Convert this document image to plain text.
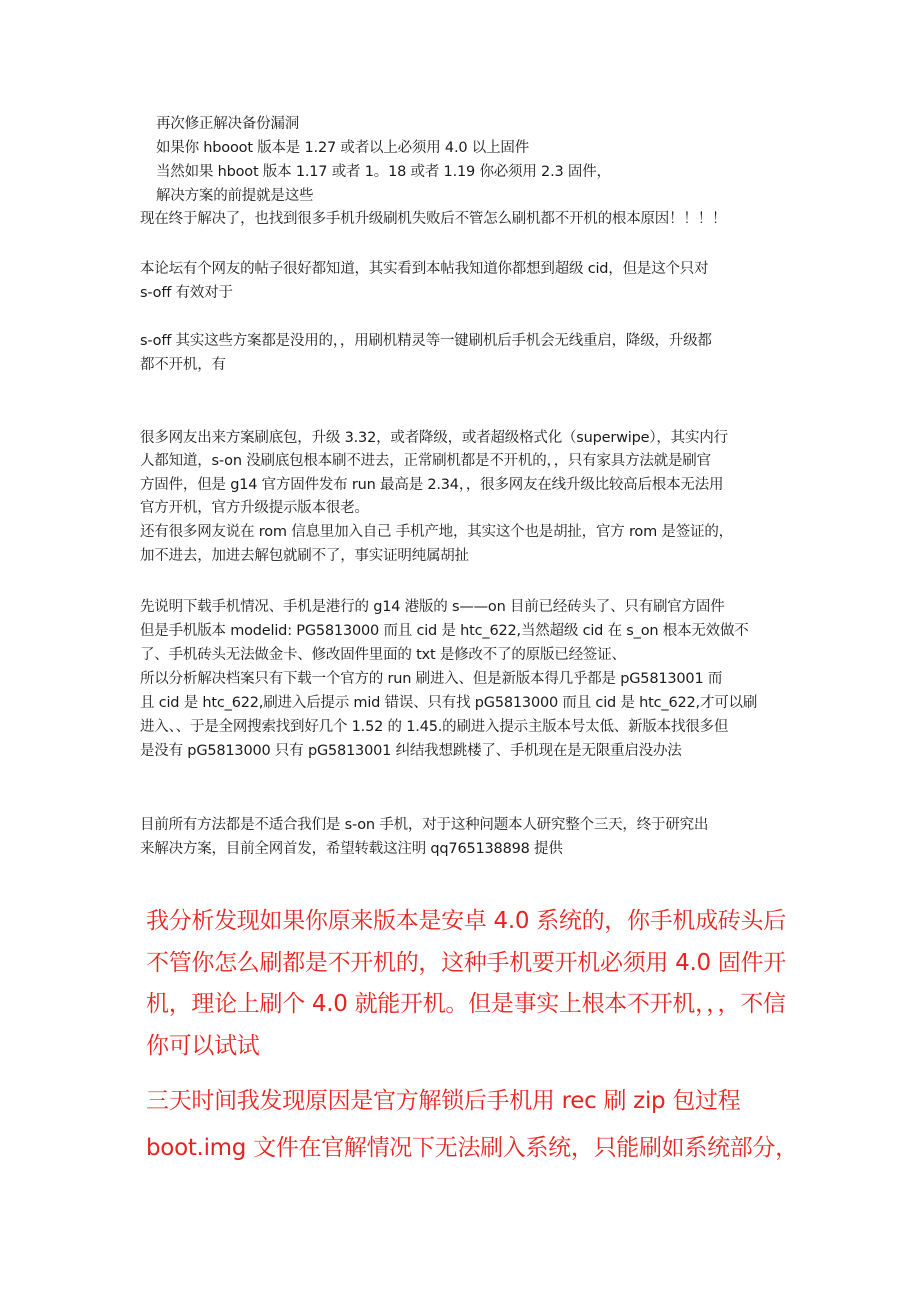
再次修正解决备份漏洞
如果你 hbooot 版本是 1.27 或者以上必须用 4.0 以上固件
当然如果 hboot 版本 1.17 或者 1。18 或者 1.19 你必须用 2.3 固件，
解决方案的前提就是这些
现在终于解决了，也找到很多手机升级刷机失败后不管怎么刷机都不开机的根本原因！！！！
本论坛有个网友的帖子很好都知道，其实看到本帖我知道你都想到超级 cid，但是这个只对
s-off 有效对于
s-off 其实这些方案都是没用的，，用刷机精灵等一键刷机后手机会无线重启，降级，升级都
都不开机，有
很多网友出来方案刷底包，升级 3.32，或者降级，或者超级格式化（superwipe），其实内行
人都知道，s-on 没刷底包根本刷不进去，正常刷机都是不开机的，，只有家具方法就是刷官
方固件，但是 g14 官方固件发布 run 最高是 2.34，，很多网友在线升级比较高后根本无法用
官方开机，官方升级提示版本很老。
还有很多网友说在 rom 信息里加入自己 手机产地，其实这个也是胡扯，官方 rom 是签证的，
加不进去，加进去解包就刷不了，事实证明纯属胡扯
先说明下载手机情况、手机是港行的 g14 港版的 s——on 目前已经砖头了、只有刷官方固件
但是手机版本 modelid: PG5813000 而且 cid 是 htc_622,当然超级 cid 在 s_on 根本无效做不
了、手机砖头无法做金卡、修改固件里面的 txt 是修改不了的原版已经签证、
所以分析解决档案只有下载一个官方的 run 刷进入、但是新版本得几乎都是 pG5813001 而
且 cid 是 htc_622,刷进入后提示 mid 错误、只有找 pG5813000 而且 cid 是 htc_622,才可以刷
进入、、于是全网搜索找到好几个 1.52 的 1.45.的刷进入提示主版本号太低、新版本找很多但
是没有 pG5813000 只有 pG5813001 纠结我想跳楼了、手机现在是无限重启没办法
目前所有方法都是不适合我们是 s-on 手机，对于这种问题本人研究整个三天，终于研究出
来解决方案，目前全网首发，希望转载这注明 qq765138898 提供
我分析发现如果你原来版本是安卓 4.0 系统的，你手机成砖头后
不管你怎么刷都是不开机的，这种手机要开机必须用 4.0 固件开
机，理论上刷个 4.0 就能开机。但是事实上根本不开机，，，不信
你可以试试
三天时间我发现原因是官方解锁后手机用 rec 刷 zip 包过程
boot.img 文件在官解情况下无法刷入系统，只能刷如系统部分，
